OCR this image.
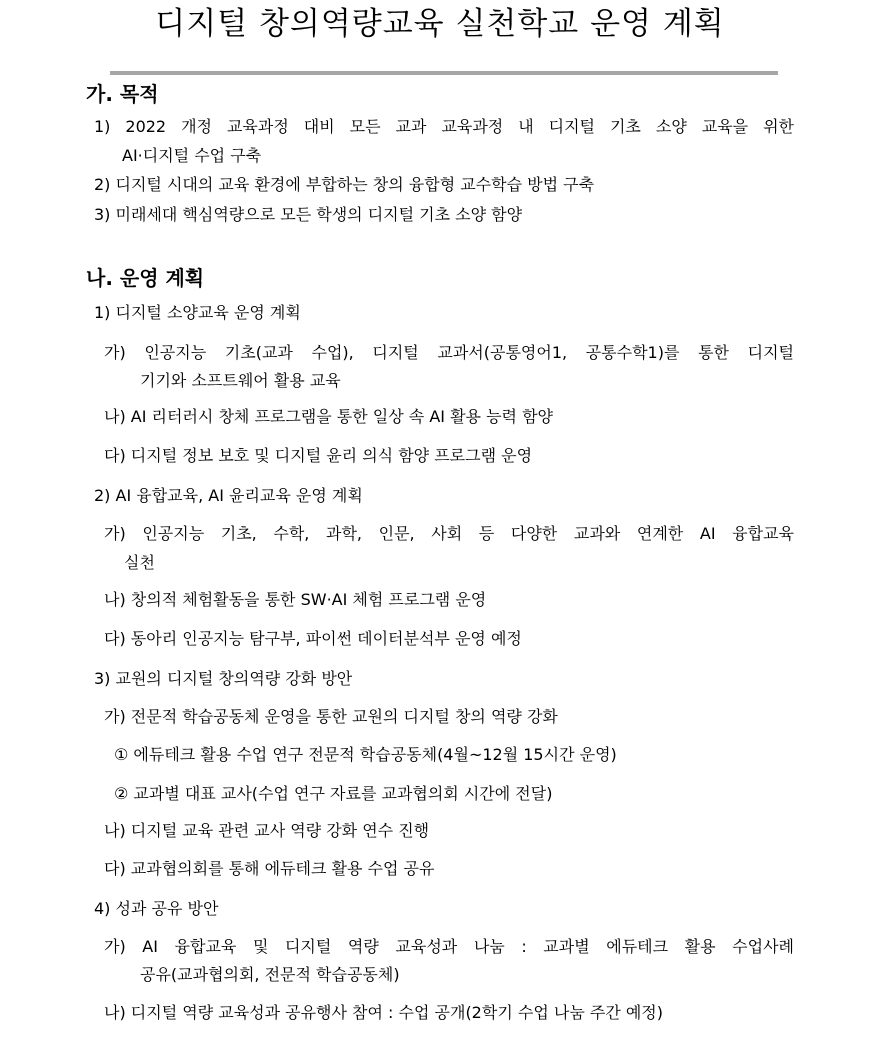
디지털 창의역량교육 실천학교 운영 계획
가. 목적
1) 2022 개정 교육과정 대비 모든 교과 교육과정 내 디지털 기초 소양 교육을 위한
AI·디지털 수업 구축
2) 디지털 시대의 교육 환경에 부합하는 창의 융합형 교수학습 방법 구축
3) 미래세대 핵심역량으로 모든 학생의 디지털 기초 소양 함양
나. 운영 계획
1) 디지털 소양교육 운영 계획
가) 인공지능 기초(교과 수업), 디지털 교과서(공통영어1, 공통수학1)를 통한 디지털
기기와 소프트웨어 활용 교육
나) AI 리터러시 창체 프로그램을 통한 일상 속 AI 활용 능력 함양
다) 디지털 정보 보호 및 디지털 윤리 의식 함양 프로그램 운영
2) AI 융합교육, AI 윤리교육 운영 계획
가) 인공지능 기초, 수학, 과학, 인문, 사회 등 다양한 교과와 연계한 AI 융합교육
실천
나) 창의적 체험활동을 통한 SW·AI 체험 프로그램 운영
다) 동아리 인공지능 탐구부, 파이썬 데이터분석부 운영 예정
3) 교원의 디지털 창의역량 강화 방안
가) 전문적 학습공동체 운영을 통한 교원의 디지털 창의 역량 강화
① 에듀테크 활용 수업 연구 전문적 학습공동체(4월~12월 15시간 운영)
② 교과별 대표 교사(수업 연구 자료를 교과협의회 시간에 전달)
나) 디지털 교육 관련 교사 역량 강화 연수 진행
다) 교과협의회를 통해 에듀테크 활용 수업 공유
4) 성과 공유 방안
가) AI 융합교육 및 디지털 역량 교육성과 나눔 : 교과별 에듀테크 활용 수업사례
공유(교과협의회, 전문적 학습공동체)
나) 디지털 역량 교육성과 공유행사 참여 : 수업 공개(2학기 수업 나눔 주간 예정)
